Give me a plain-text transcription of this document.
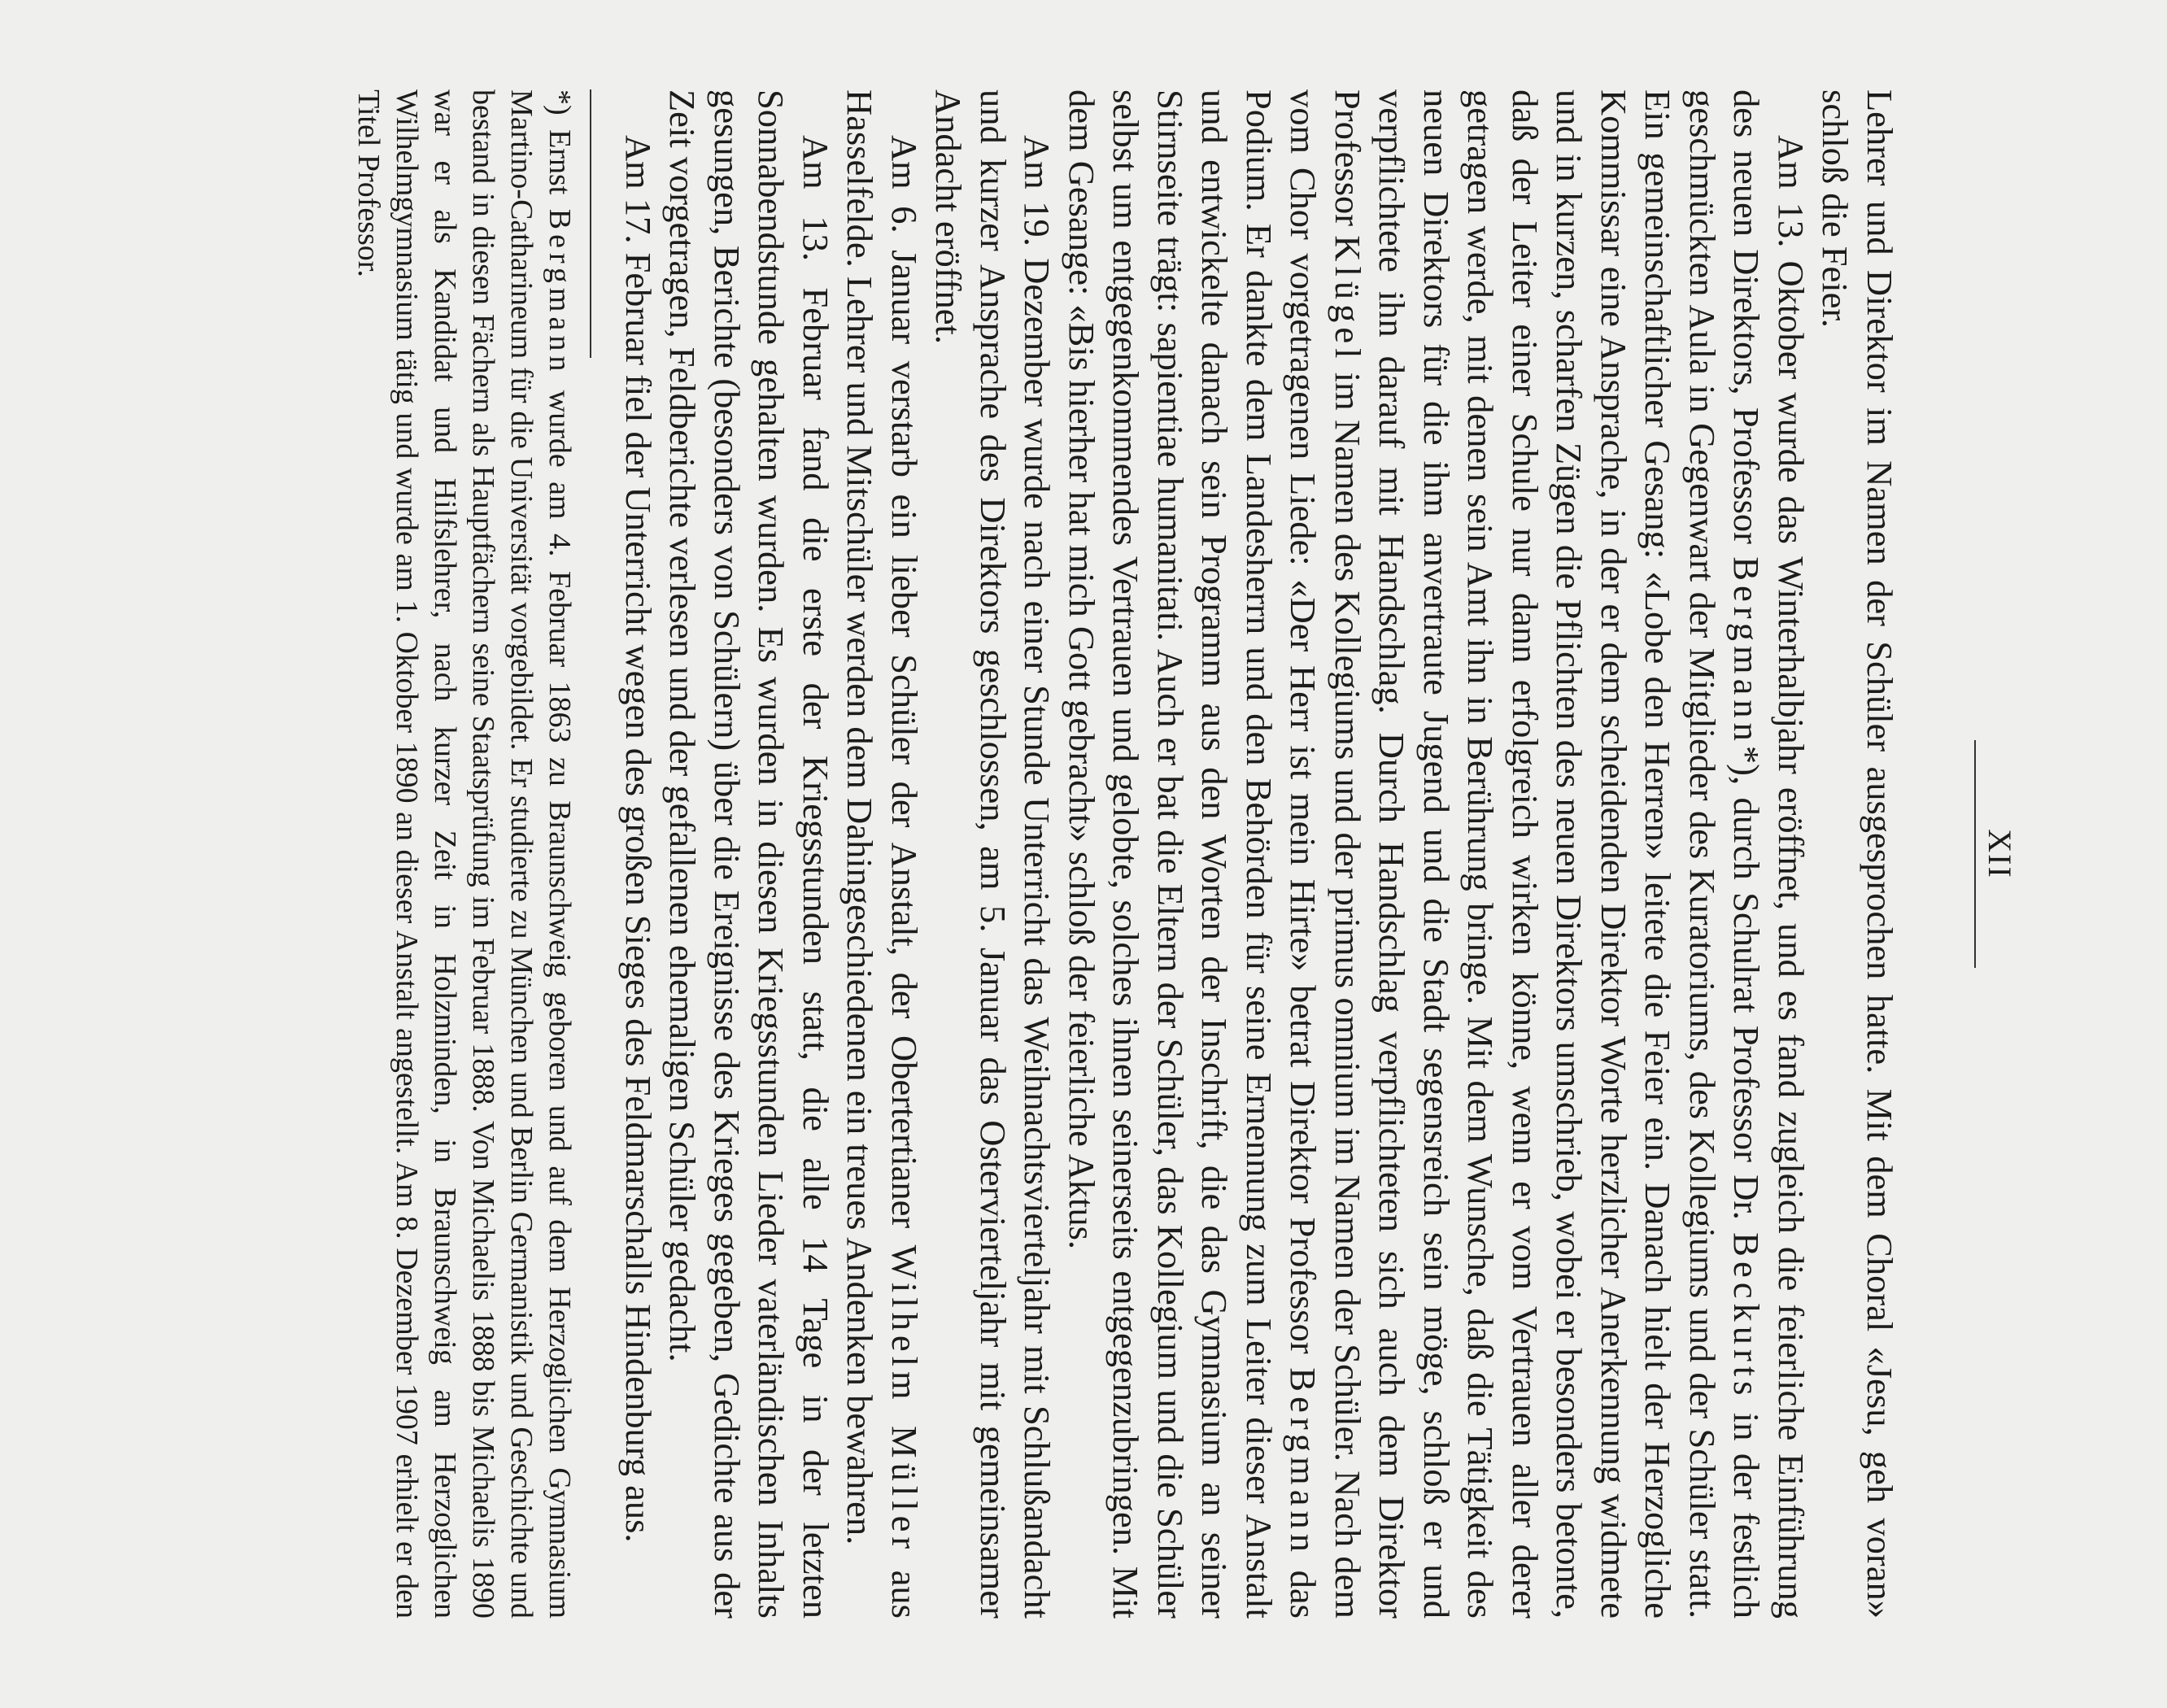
XII

Lehrer und Direktor im Namen der Schüler ausgesprochen hatte. Mit dem Choral «Jesu, geh voran» schloß die Feier.

Am 13. Oktober wurde das Winterhalbjahr eröffnet, und es fand zugleich die feierliche Einführung des neuen Direktors, Professor Bergmann*), durch Schulrat Professor Dr. Beckurts in der festlich geschmückten Aula in Gegenwart der Mitglieder des Kuratoriums, des Kollegiums und der Schüler statt. Ein gemeinschaftlicher Gesang: «Lobe den Herren» leitete die Feier ein. Danach hielt der Herzogliche Kommissar eine Ansprache, in der er dem scheidenden Direktor Worte herzlicher Anerkennung widmete und in kurzen, scharfen Zügen die Pflichten des neuen Direktors umschrieb, wobei er besonders betonte, daß der Leiter einer Schule nur dann erfolgreich wirken könne, wenn er vom Vertrauen aller derer getragen werde, mit denen sein Amt ihn in Berührung bringe. Mit dem Wunsche, daß die Tätigkeit des neuen Direktors für die ihm anvertraute Jugend und die Stadt segensreich sein möge, schloß er und verpflichtete ihn darauf mit Handschlag. Durch Handschlag verpflichteten sich auch dem Direktor Professor Klügel im Namen des Kollegiums und der primus omnium im Namen der Schüler. Nach dem vom Chor vorgetragenen Liede: «Der Herr ist mein Hirte» betrat Direktor Professor Bergmann das Podium. Er dankte dem Landesherrn und den Behörden für seine Ernennung zum Leiter dieser Anstalt und entwickelte danach sein Programm aus den Worten der Inschrift, die das Gymnasium an seiner Stirnseite trägt: sapientiae humanitati. Auch er bat die Eltern der Schüler, das Kollegium und die Schüler selbst um entgegenkommendes Vertrauen und gelobte, solches ihnen seinerseits entgegenzubringen. Mit dem Gesange: «Bis hierher hat mich Gott gebracht» schloß der feierliche Aktus.

Am 19. Dezember wurde nach einer Stunde Unterricht das Weihnachtsvierteljahr mit Schlußandacht und kurzer Ansprache des Direktors geschlossen, am 5. Januar das Ostervierteljahr mit gemeinsamer Andacht eröffnet.

Am 6. Januar verstarb ein lieber Schüler der Anstalt, der Obertertianer Wilhelm Müller aus Hasselfelde. Lehrer und Mitschüler werden dem Dahingeschiedenen ein treues Andenken bewahren.

Am 13. Februar fand die erste der Kriegsstunden statt, die alle 14 Tage in der letzten Sonnabendstunde gehalten wurden. Es wurden in diesen Kriegsstunden Lieder vaterländischen Inhalts gesungen, Berichte (besonders von Schülern) über die Ereignisse des Krieges gegeben, Gedichte aus der Zeit vorgetragen, Feldberichte verlesen und der gefallenen ehemaligen Schüler gedacht.

Am 17. Februar fiel der Unterricht wegen des großen Sieges des Feldmarschalls Hindenburg aus.

*) Ernst Bergmann wurde am 4. Februar 1863 zu Braunschweig geboren und auf dem Herzoglichen Gymnasium Martino-Catharineum für die Universität vorgebildet. Er studierte zu München und Berlin Germanistik und Geschichte und bestand in diesen Fächern als Hauptfächern seine Staatsprüfung im Februar 1888. Von Michaelis 1888 bis Michaelis 1890 war er als Kandidat und Hilfslehrer, nach kurzer Zeit in Holzminden, in Braunschweig am Herzoglichen Wilhelmgymnasium tätig und wurde am 1. Oktober 1890 an dieser Anstalt angestellt. Am 8. Dezember 1907 erhielt er den Titel Professor.
